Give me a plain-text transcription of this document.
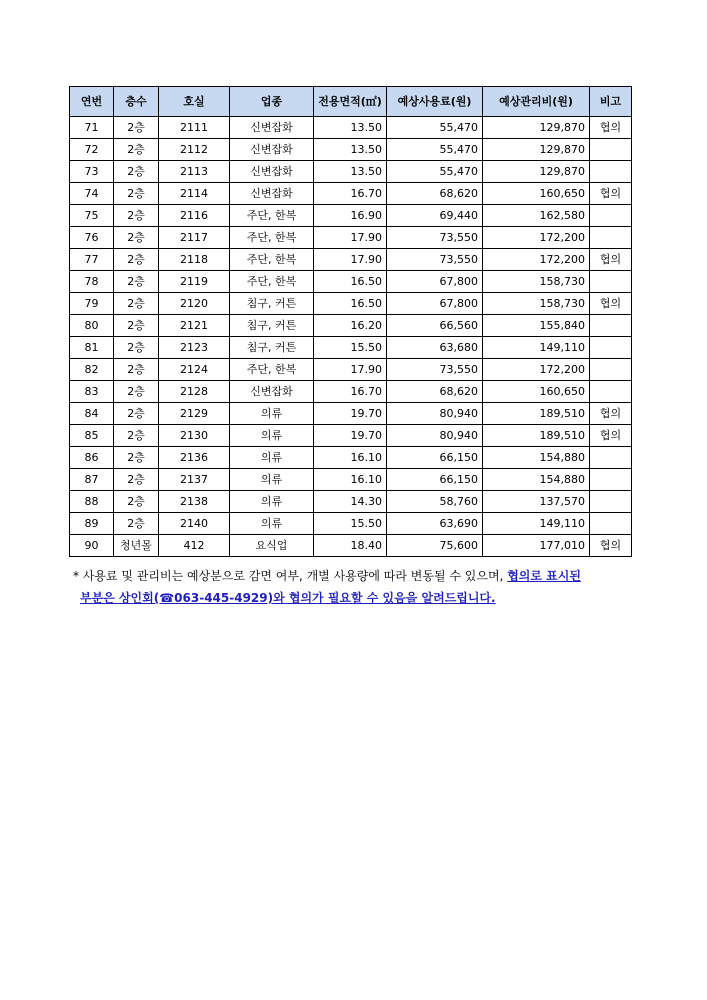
연번	층수	호실	업종	전용면적(㎡)	예상사용료(원)	예상관리비(원)	비고
71	2층	2111	신변잡화	13.50	55,470	129,870	협의
72	2층	2112	신변잡화	13.50	55,470	129,870	
73	2층	2113	신변잡화	13.50	55,470	129,870	
74	2층	2114	신변잡화	16.70	68,620	160,650	협의
75	2층	2116	주단, 한복	16.90	69,440	162,580	
76	2층	2117	주단, 한복	17.90	73,550	172,200	
77	2층	2118	주단, 한복	17.90	73,550	172,200	협의
78	2층	2119	주단, 한복	16.50	67,800	158,730	
79	2층	2120	침구, 커튼	16.50	67,800	158,730	협의
80	2층	2121	침구, 커튼	16.20	66,560	155,840	
81	2층	2123	침구, 커튼	15.50	63,680	149,110	
82	2층	2124	주단, 한복	17.90	73,550	172,200	
83	2층	2128	신변잡화	16.70	68,620	160,650	
84	2층	2129	의류	19.70	80,940	189,510	협의
85	2층	2130	의류	19.70	80,940	189,510	협의
86	2층	2136	의류	16.10	66,150	154,880	
87	2층	2137	의류	16.10	66,150	154,880	
88	2층	2138	의류	14.30	58,760	137,570	
89	2층	2140	의류	15.50	63,690	149,110	
90	청년몰	412	요식업	18.40	75,600	177,010	협의
* 사용료 및 관리비는 예상분으로 감면 여부, 개별 사용량에 따라 변동될 수 있으며, 협의로 표시된
부분은 상인회(☎063-445-4929)와 협의가 필요할 수 있음을 알려드립니다.
